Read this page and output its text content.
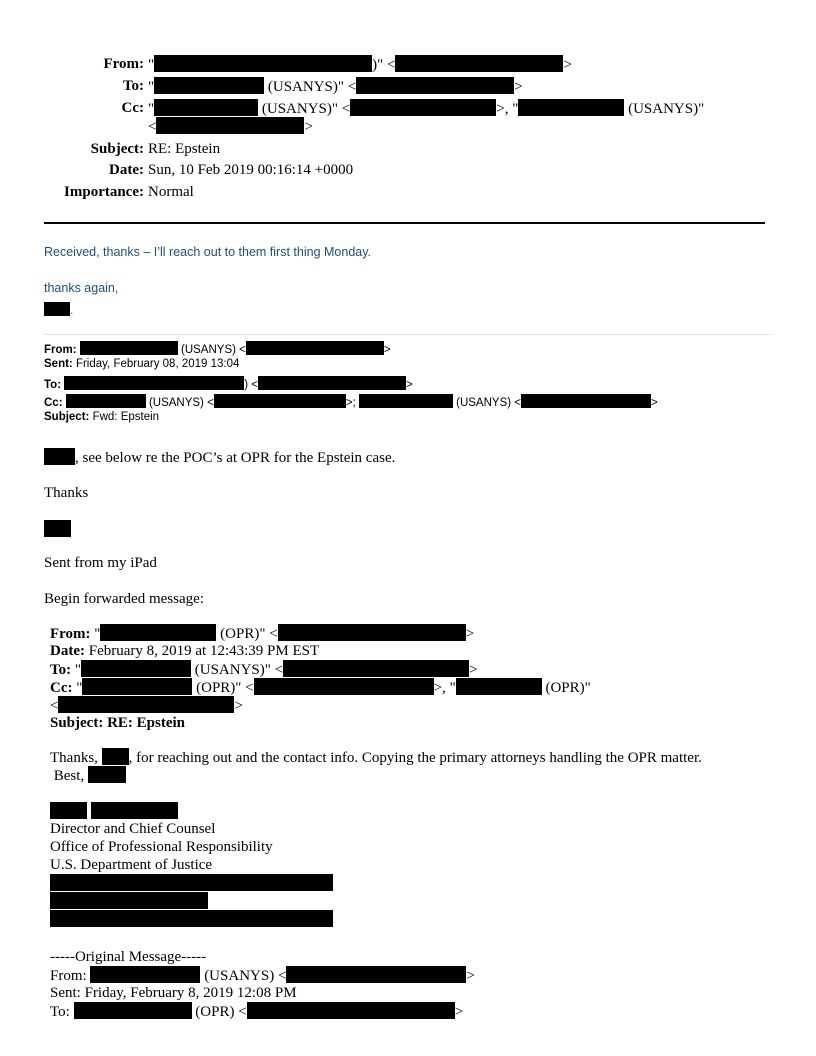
From: "	)" <	>
To: "	(USANYS)" <	>
Cc: "	(USANYS)" <	>, "	(USANYS)"
<	>
Subject: RE: Epstein
Date: Sun, 10 Feb 2019 00:16:14 +0000
Importance: Normal
Received, thanks – I’ll reach out to them first thing Monday.
thanks again,
.
From:	(USANYS) <	>
Sent: Friday, February 08, 2019 13:04
To:	) <	>
Cc:	(USANYS) <	>;	(USANYS) <	>
Subject: Fwd: Epstein
, see below re the POC’s at OPR for the Epstein case.
Thanks
Sent from my iPad
Begin forwarded message:
From: "	(OPR)" <	>
Date: February 8, 2019 at 12:43:39 PM EST
To: "	(USANYS)" <	>
Cc: "	(OPR)" <	>, "	(OPR)"
<	>
Subject: RE: Epstein
Thanks, , for reaching out and the contact info. Copying the primary attorneys handling the OPR matter.
Best,

Director and Chief Counsel
Office of Professional Responsibility
U.S. Department of Justice
-----Original Message-----
From:	(USANYS) <	>
Sent: Friday, February 8, 2019 12:08 PM
To:	(OPR) <	>
